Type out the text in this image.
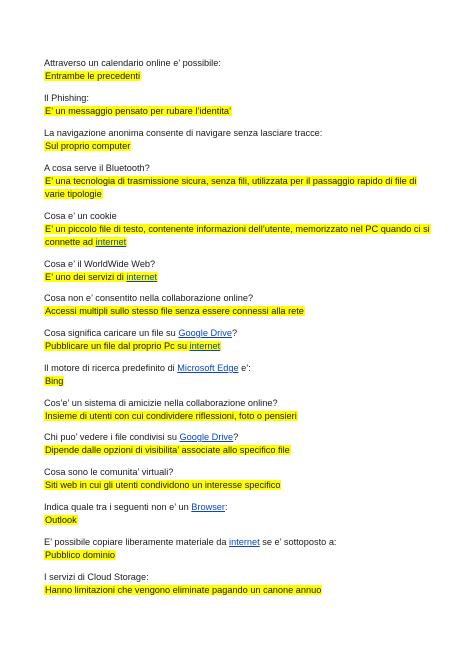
Attraverso un calendario online e’ possibile:
Entrambe le precedenti
Il Phishing:
E’ un messaggio pensato per rubare l’identita’
La navigazione anonima consente di navigare senza lasciare tracce:
Sul proprio computer
A cosa serve il Bluetooth?
E’ una tecnologia di trasmissione sicura, senza fili, utilizzata per il passaggio rapido di file di varie tipologie
Cosa e’ un cookie
E’ un piccolo file di testo, contenente informazioni dell’utente, memorizzato nel PC quando ci si connette ad internet
Cosa e’ il WorldWide Web?
E’ uno dei servizi di internet
Cosa non e’ consentito nella collaborazione online?
Accessi multipli sullo stesso file senza essere connessi alla rete
Cosa significa caricare un file su Google Drive?
Pubblicare un file dal proprio Pc su internet
Il motore di ricerca predefinito di Microsoft Edge e’:
Bing
Cos’e’ un sistema di amicizie nella collaborazione online?
Insieme di utenti con cui condividere riflessioni, foto o pensieri
Chi puo’ vedere i file condivisi su Google Drive?
Dipende dalle opzioni di visibilita’ associate allo specifico file
Cosa sono le comunita’ virtuali?
Siti web in cui gli utenti condividono un interesse specifico
Indica quale tra i seguenti non e’ un Browser:
Outlook
E’ possibile copiare liberamente materiale da internet se e’ sottoposto a:
Pubblico dominio
I servizi di Cloud Storage:
Hanno limitazioni che vengono eliminate pagando un canone annuo
